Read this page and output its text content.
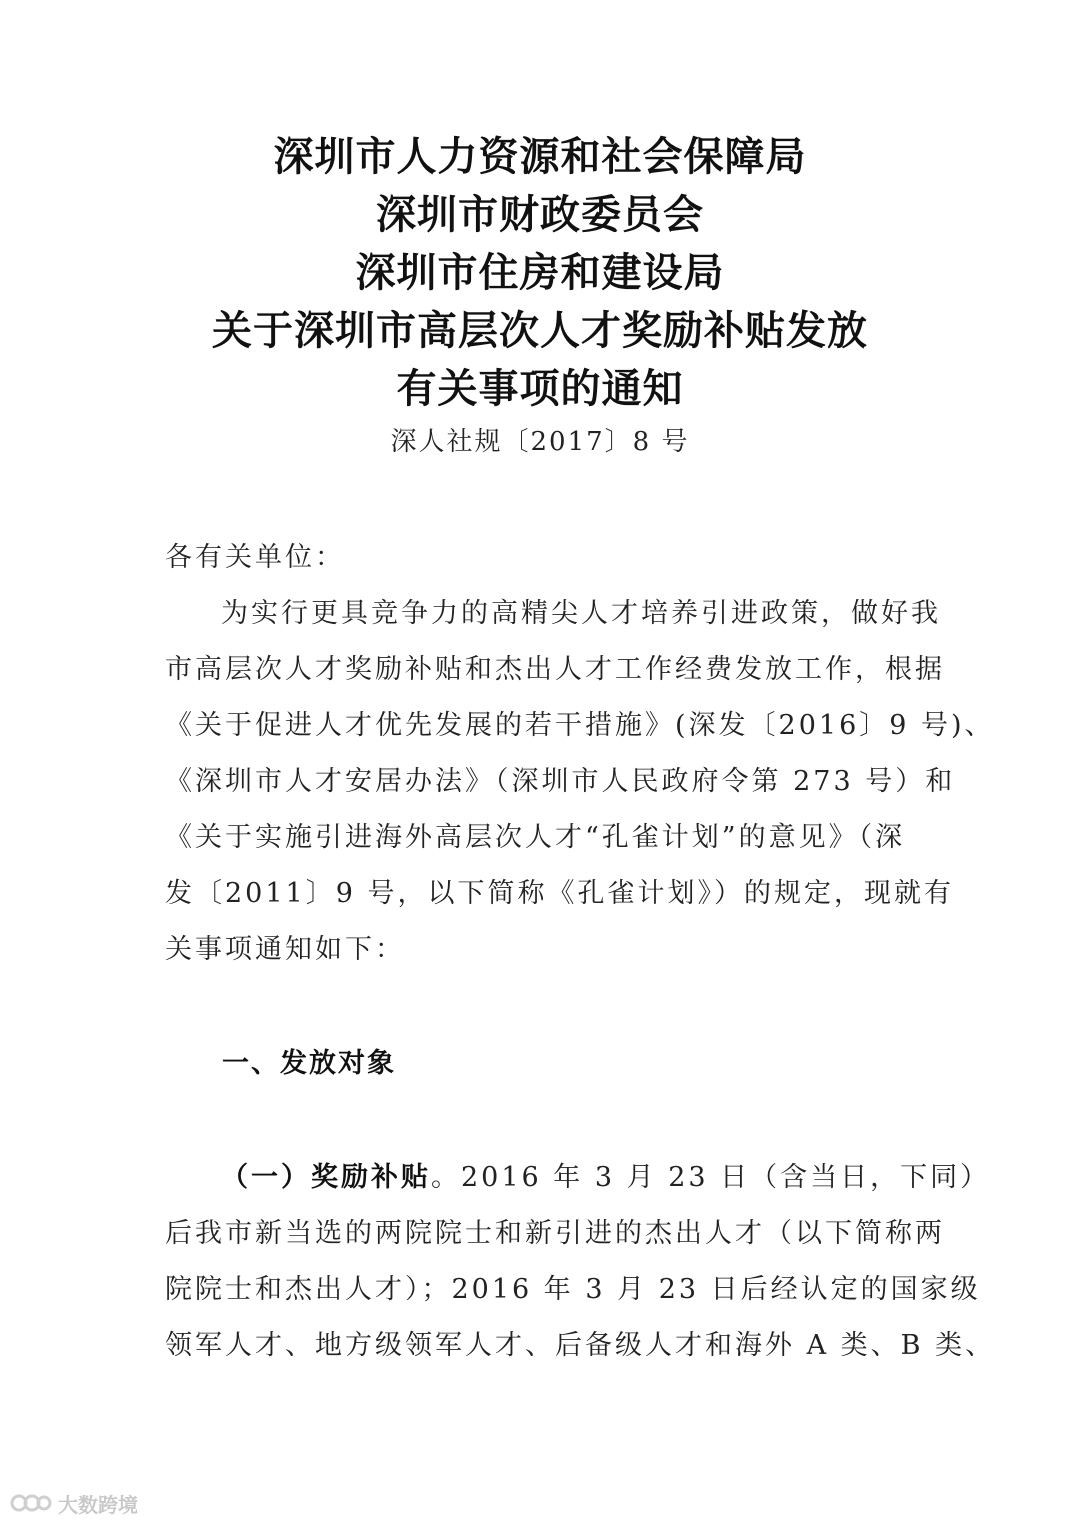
深圳市人力资源和社会保障局
深圳市财政委员会
深圳市住房和建设局
关于深圳市高层次人才奖励补贴发放
有关事项的通知
深人社规〔2017〕8 号
各有关单位：
为实行更具竞争力的高精尖人才培养引进政策，做好我
市高层次人才奖励补贴和杰出人才工作经费发放工作，根据
《关于促进人才优先发展的若干措施》(深发〔2016〕9 号)、
《深圳市人才安居办法》（深圳市人民政府令第 273 号）和
《关于实施引进海外高层次人才“孔雀计划”的意见》（深
发〔2011〕9 号，以下简称《孔雀计划》）的规定，现就有
关事项通知如下：
一、发放对象
（一）奖励补贴。2016 年 3 月 23 日（含当日，下同）
后我市新当选的两院院士和新引进的杰出人才（以下简称两
院院士和杰出人才）；2016 年 3 月 23 日后经认定的国家级
领军人才、地方级领军人才、后备级人才和海外 A 类、B 类、
大数跨境
